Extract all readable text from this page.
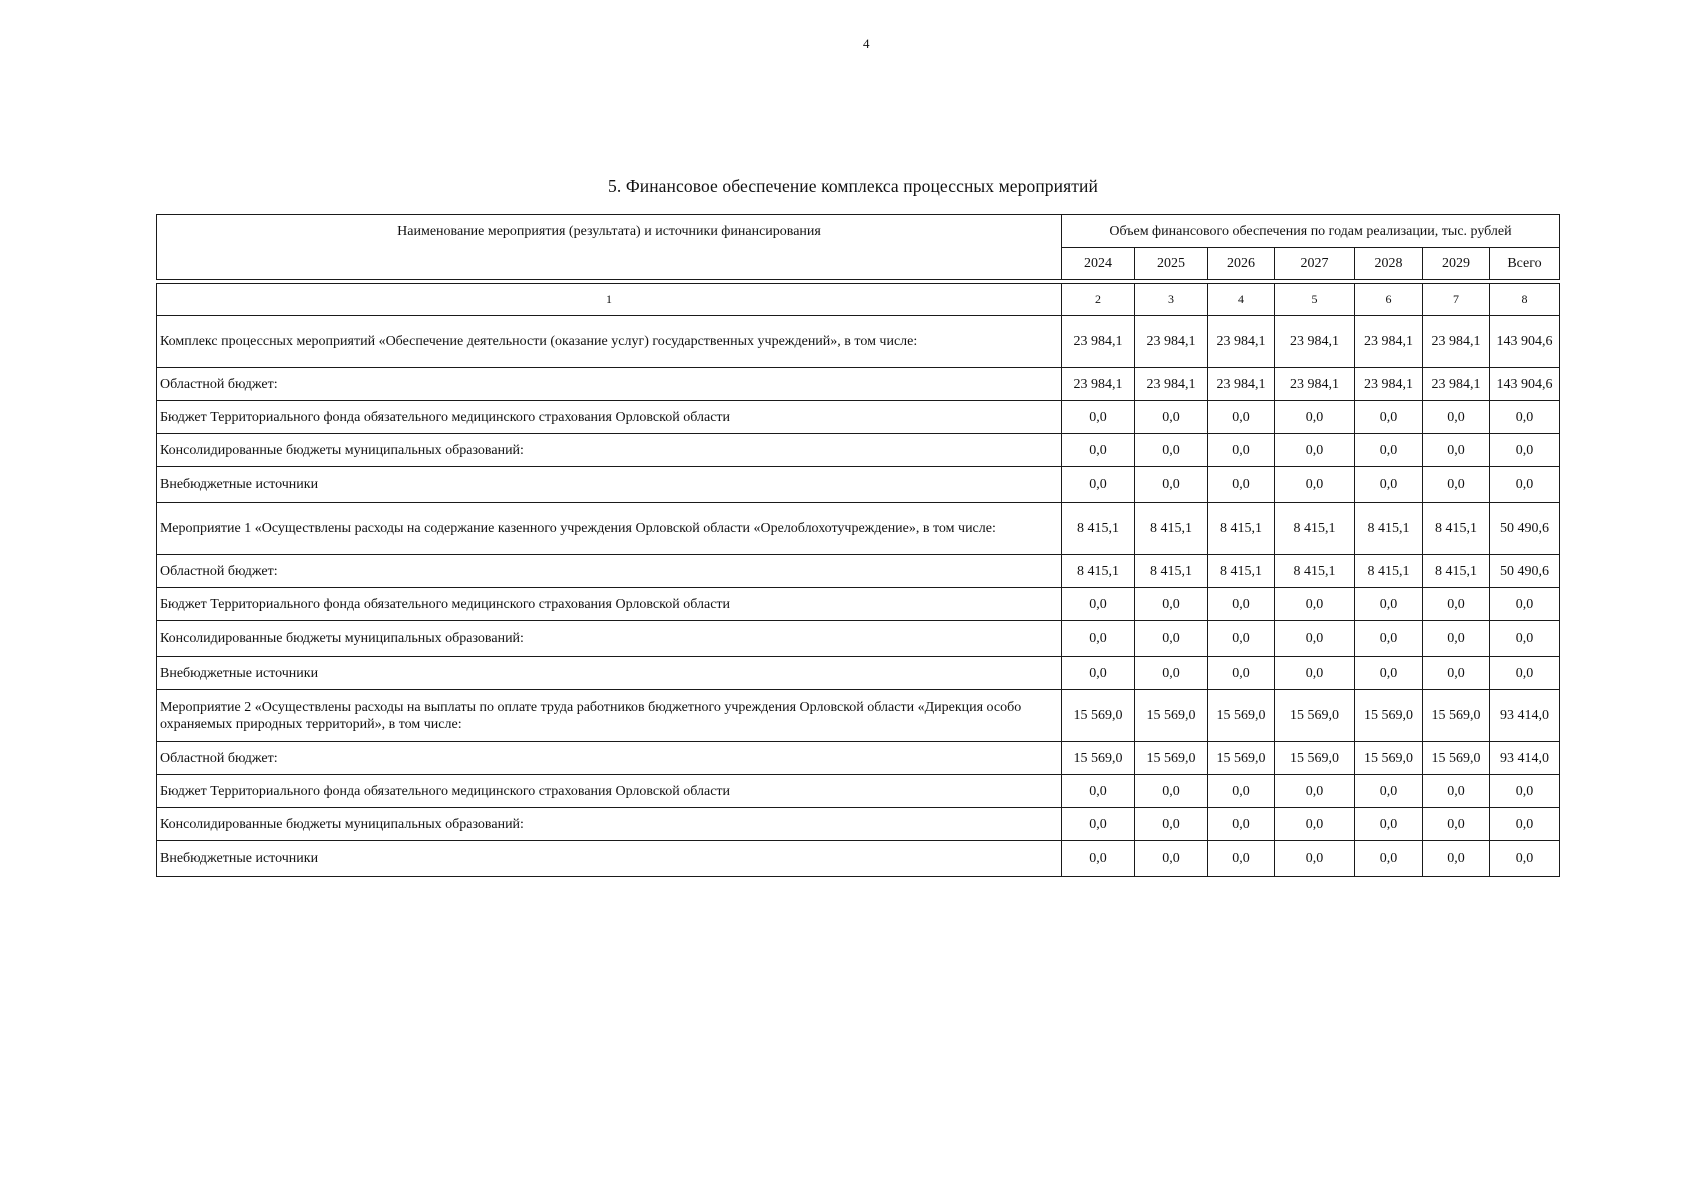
4
5. Финансовое обеспечение комплекса процессных мероприятий
Наименование мероприятия (результата) и источники финансирования	Объем финансового обеспечения по годам реализации, тыс. рублей						
	2024	2025	2026	2027	2028	2029	Всего

1	2	3	4	5	6	7	8
Комплекс процессных мероприятий «Обеспечение деятельности (оказание услуг) государственных учреждений», в том числе:	23 984,1	23 984,1	23 984,1	23 984,1	23 984,1	23 984,1	143 904,6
Областной бюджет:	23 984,1	23 984,1	23 984,1	23 984,1	23 984,1	23 984,1	143 904,6
Бюджет Территориального фонда обязательного медицинского страхования Орловской области	0,0	0,0	0,0	0,0	0,0	0,0	0,0
Консолидированные бюджеты муниципальных образований:	0,0	0,0	0,0	0,0	0,0	0,0	0,0
Внебюджетные источники	0,0	0,0	0,0	0,0	0,0	0,0	0,0
Мероприятие 1 «Осуществлены расходы на содержание казенного учреждения Орловской области «Орелоблохотучреждение», в том числе:	8 415,1	8 415,1	8 415,1	8 415,1	8 415,1	8 415,1	50 490,6
Областной бюджет:	8 415,1	8 415,1	8 415,1	8 415,1	8 415,1	8 415,1	50 490,6
Бюджет Территориального фонда обязательного медицинского страхования Орловской области	0,0	0,0	0,0	0,0	0,0	0,0	0,0
Консолидированные бюджеты муниципальных образований:	0,0	0,0	0,0	0,0	0,0	0,0	0,0
Внебюджетные источники	0,0	0,0	0,0	0,0	0,0	0,0	0,0
Мероприятие 2 «Осуществлены расходы на выплаты по оплате труда работников бюджетного учреждения Орловской области «Дирекция особо охраняемых природных территорий», в том числе:	15 569,0	15 569,0	15 569,0	15 569,0	15 569,0	15 569,0	93 414,0
Областной бюджет:	15 569,0	15 569,0	15 569,0	15 569,0	15 569,0	15 569,0	93 414,0
Бюджет Территориального фонда обязательного медицинского страхования Орловской области	0,0	0,0	0,0	0,0	0,0	0,0	0,0
Консолидированные бюджеты муниципальных образований:	0,0	0,0	0,0	0,0	0,0	0,0	0,0
Внебюджетные источники	0,0	0,0	0,0	0,0	0,0	0,0	0,0
